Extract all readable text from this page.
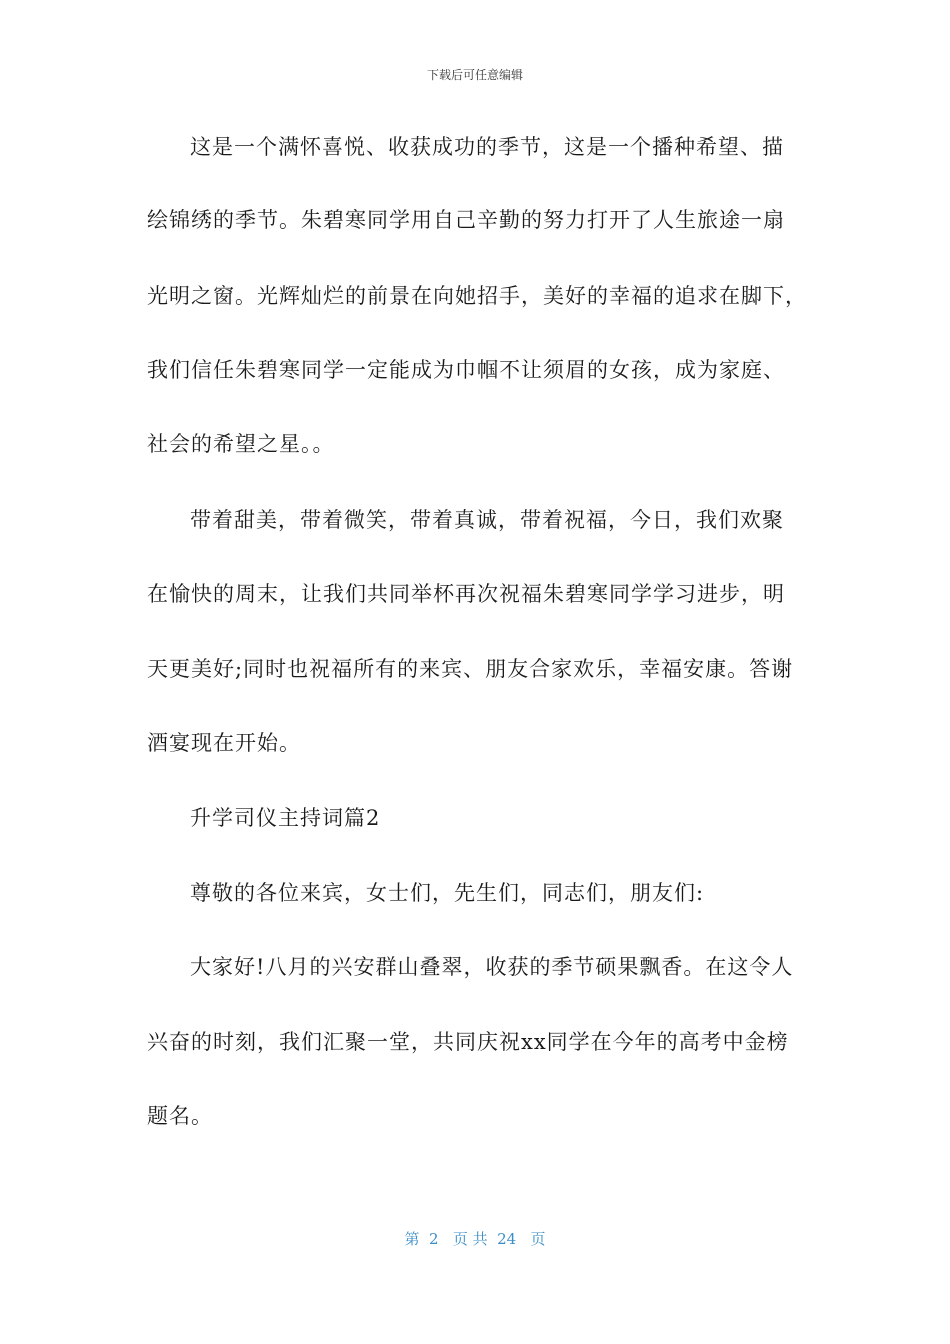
下载后可任意编辑
这是一个满怀喜悦、收获成功的季节，这是一个播种希望、描
绘锦绣的季节。朱碧寒同学用自己辛勤的努力打开了人生旅途一扇
光明之窗。光辉灿烂的前景在向她招手，美好的幸福的追求在脚下，
我们信任朱碧寒同学一定能成为巾帼不让须眉的女孩，成为家庭、
社会的希望之星。。
带着甜美，带着微笑，带着真诚，带着祝福，今日，我们欢聚
在愉快的周末，让我们共同举杯再次祝福朱碧寒同学学习进步，明
天更美好;同时也祝福所有的来宾、朋友合家欢乐，幸福安康。答谢
酒宴现在开始。
升学司仪主持词篇2
尊敬的各位来宾，女士们，先生们，同志们，朋友们:
大家好!八月的兴安群山叠翠，收获的季节硕果飘香。在这令人
兴奋的时刻，我们汇聚一堂，共同庆祝xx同学在今年的高考中金榜
题名。
第  2   页 共  24   页
